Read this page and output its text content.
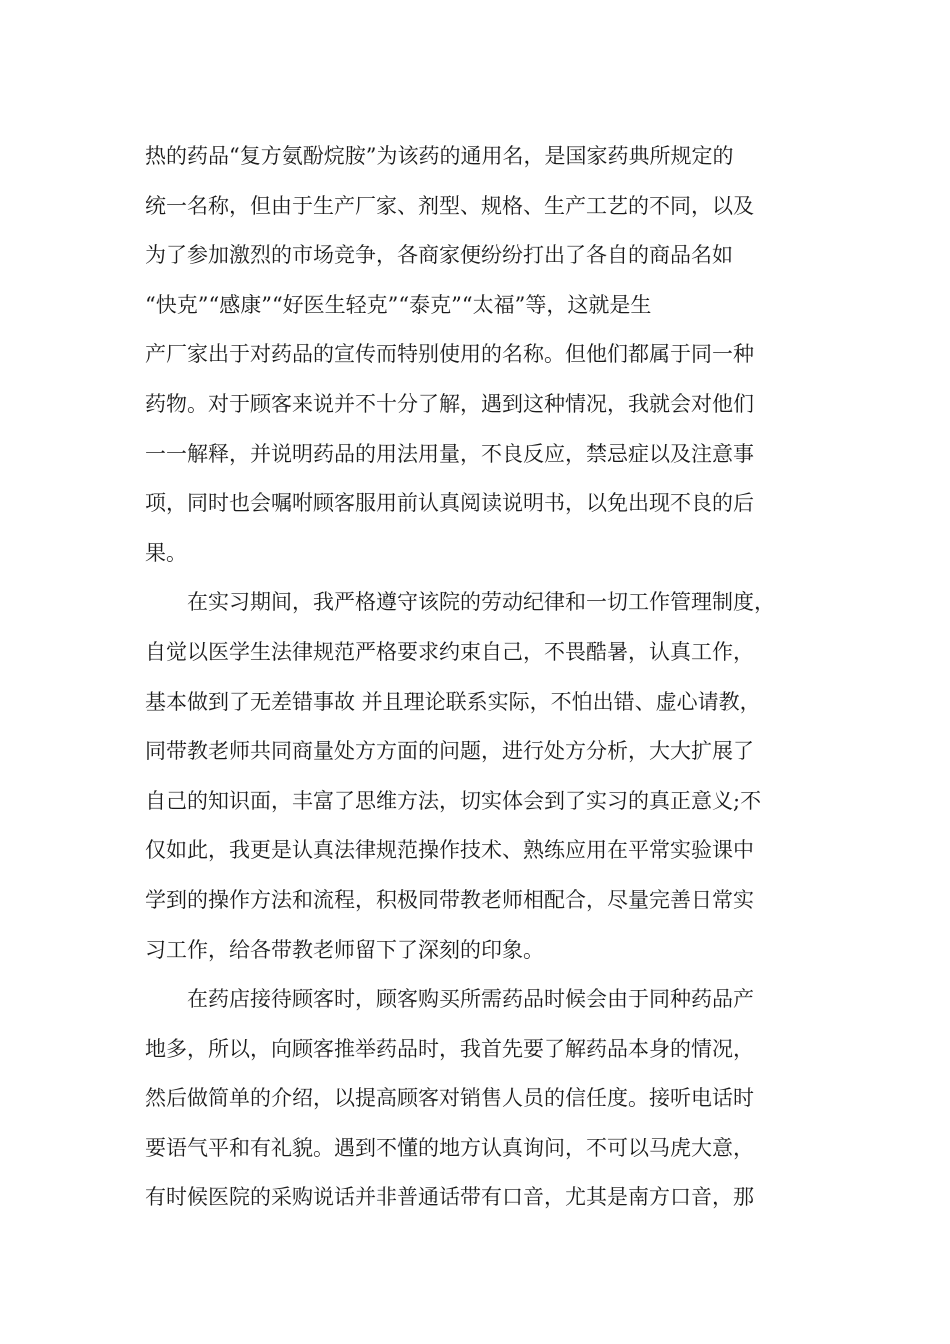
热的药品“复方氨酚烷胺”为该药的通用名，是国家药典所规定的
统一名称，但由于生产厂家、剂型、规格、生产工艺的不同，以及
为了参加激烈的市场竞争，各商家便纷纷打出了各自的商品名如
“快克”“感康”“好医生轻克”“泰克”“太福”等，这就是生
产厂家出于对药品的宣传而特别使用的名称。但他们都属于同一种
药物。对于顾客来说并不十分了解，遇到这种情况，我就会对他们
一一解释，并说明药品的用法用量，不良反应，禁忌症以及注意事
项，同时也会嘱咐顾客服用前认真阅读说明书，以免出现不良的后
果。
在实习期间，我严格遵守该院的劳动纪律和一切工作管理制度，
自觉以医学生法律规范严格要求约束自己，不畏酷暑，认真工作，
基本做到了无差错事故 并且理论联系实际，不怕出错、虚心请教，
同带教老师共同商量处方方面的问题，进行处方分析，大大扩展了
自己的知识面，丰富了思维方法，切实体会到了实习的真正意义;不
仅如此，我更是认真法律规范操作技术、熟练应用在平常实验课中
学到的操作方法和流程，积极同带教老师相配合，尽量完善日常实
习工作，给各带教老师留下了深刻的印象。
在药店接待顾客时，顾客购买所需药品时候会由于同种药品产
地多，所以，向顾客推举药品时，我首先要了解药品本身的情况，
然后做简单的介绍，以提高顾客对销售人员的信任度。接听电话时
要语气平和有礼貌。遇到不懂的地方认真询问，不可以马虎大意，
有时候医院的采购说话并非普通话带有口音，尤其是南方口音，那
